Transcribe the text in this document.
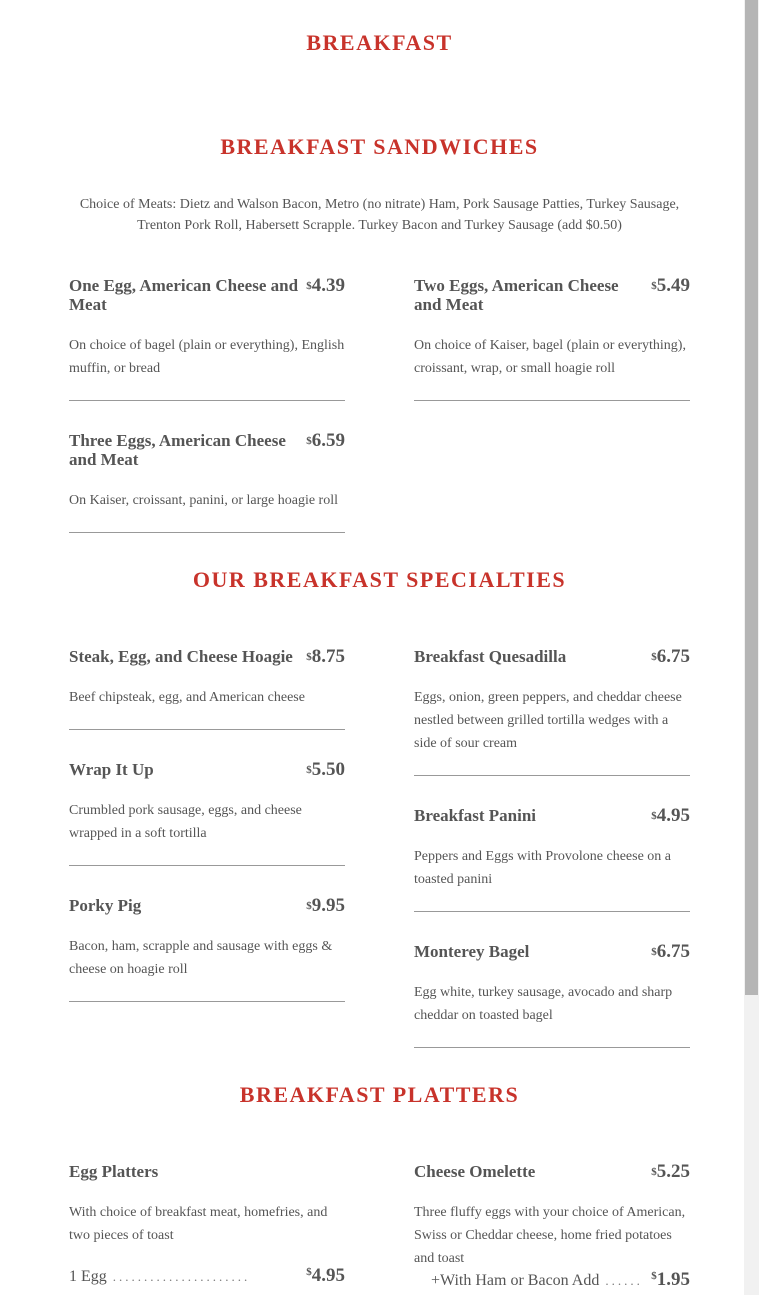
BREAKFAST
BREAKFAST SANDWICHES
Choice of Meats: Dietz and Walson Bacon, Metro (no nitrate) Ham, Pork Sausage Patties, Turkey Sausage, Trenton Pork Roll, Habersett Scrapple. Turkey Bacon and Turkey Sausage (add $0.50)
One Egg, American Cheese and Meat
$4.39
On choice of bagel (plain or everything), English muffin, or bread
Two Eggs, American Cheese and Meat
$5.49
On choice of Kaiser, bagel (plain or everything), croissant, wrap, or small hoagie roll
Three Eggs, American Cheese and Meat
$6.59
On Kaiser, croissant, panini, or large hoagie roll
OUR BREAKFAST SPECIALTIES
Steak, Egg, and Cheese Hoagie	$8.75
Beef chipsteak, egg, and American cheese
Breakfast Quesadilla	$6.75
Eggs, onion, green peppers, and cheddar cheese nestled between grilled tortilla wedges with a side of sour cream
Wrap It Up	$5.50
Crumbled pork sausage, eggs, and cheese wrapped in a soft tortilla
Breakfast Panini	$4.95
Peppers and Eggs with Provolone cheese on a toasted panini
Porky Pig	$9.95
Bacon, ham, scrapple and sausage with eggs & cheese on hoagie roll
Monterey Bagel	$6.75
Egg white, turkey sausage, avocado and sharp cheddar on toasted bagel
BREAKFAST PLATTERS
Egg Platters
With choice of breakfast meat, homefries, and two pieces of toast
1 Egg ......................	$4.95
Cheese Omelette	$5.25
Three fluffy eggs with your choice of American, Swiss or Cheddar cheese, home fried potatoes and toast
+With Ham or Bacon Add ...... $1.95
